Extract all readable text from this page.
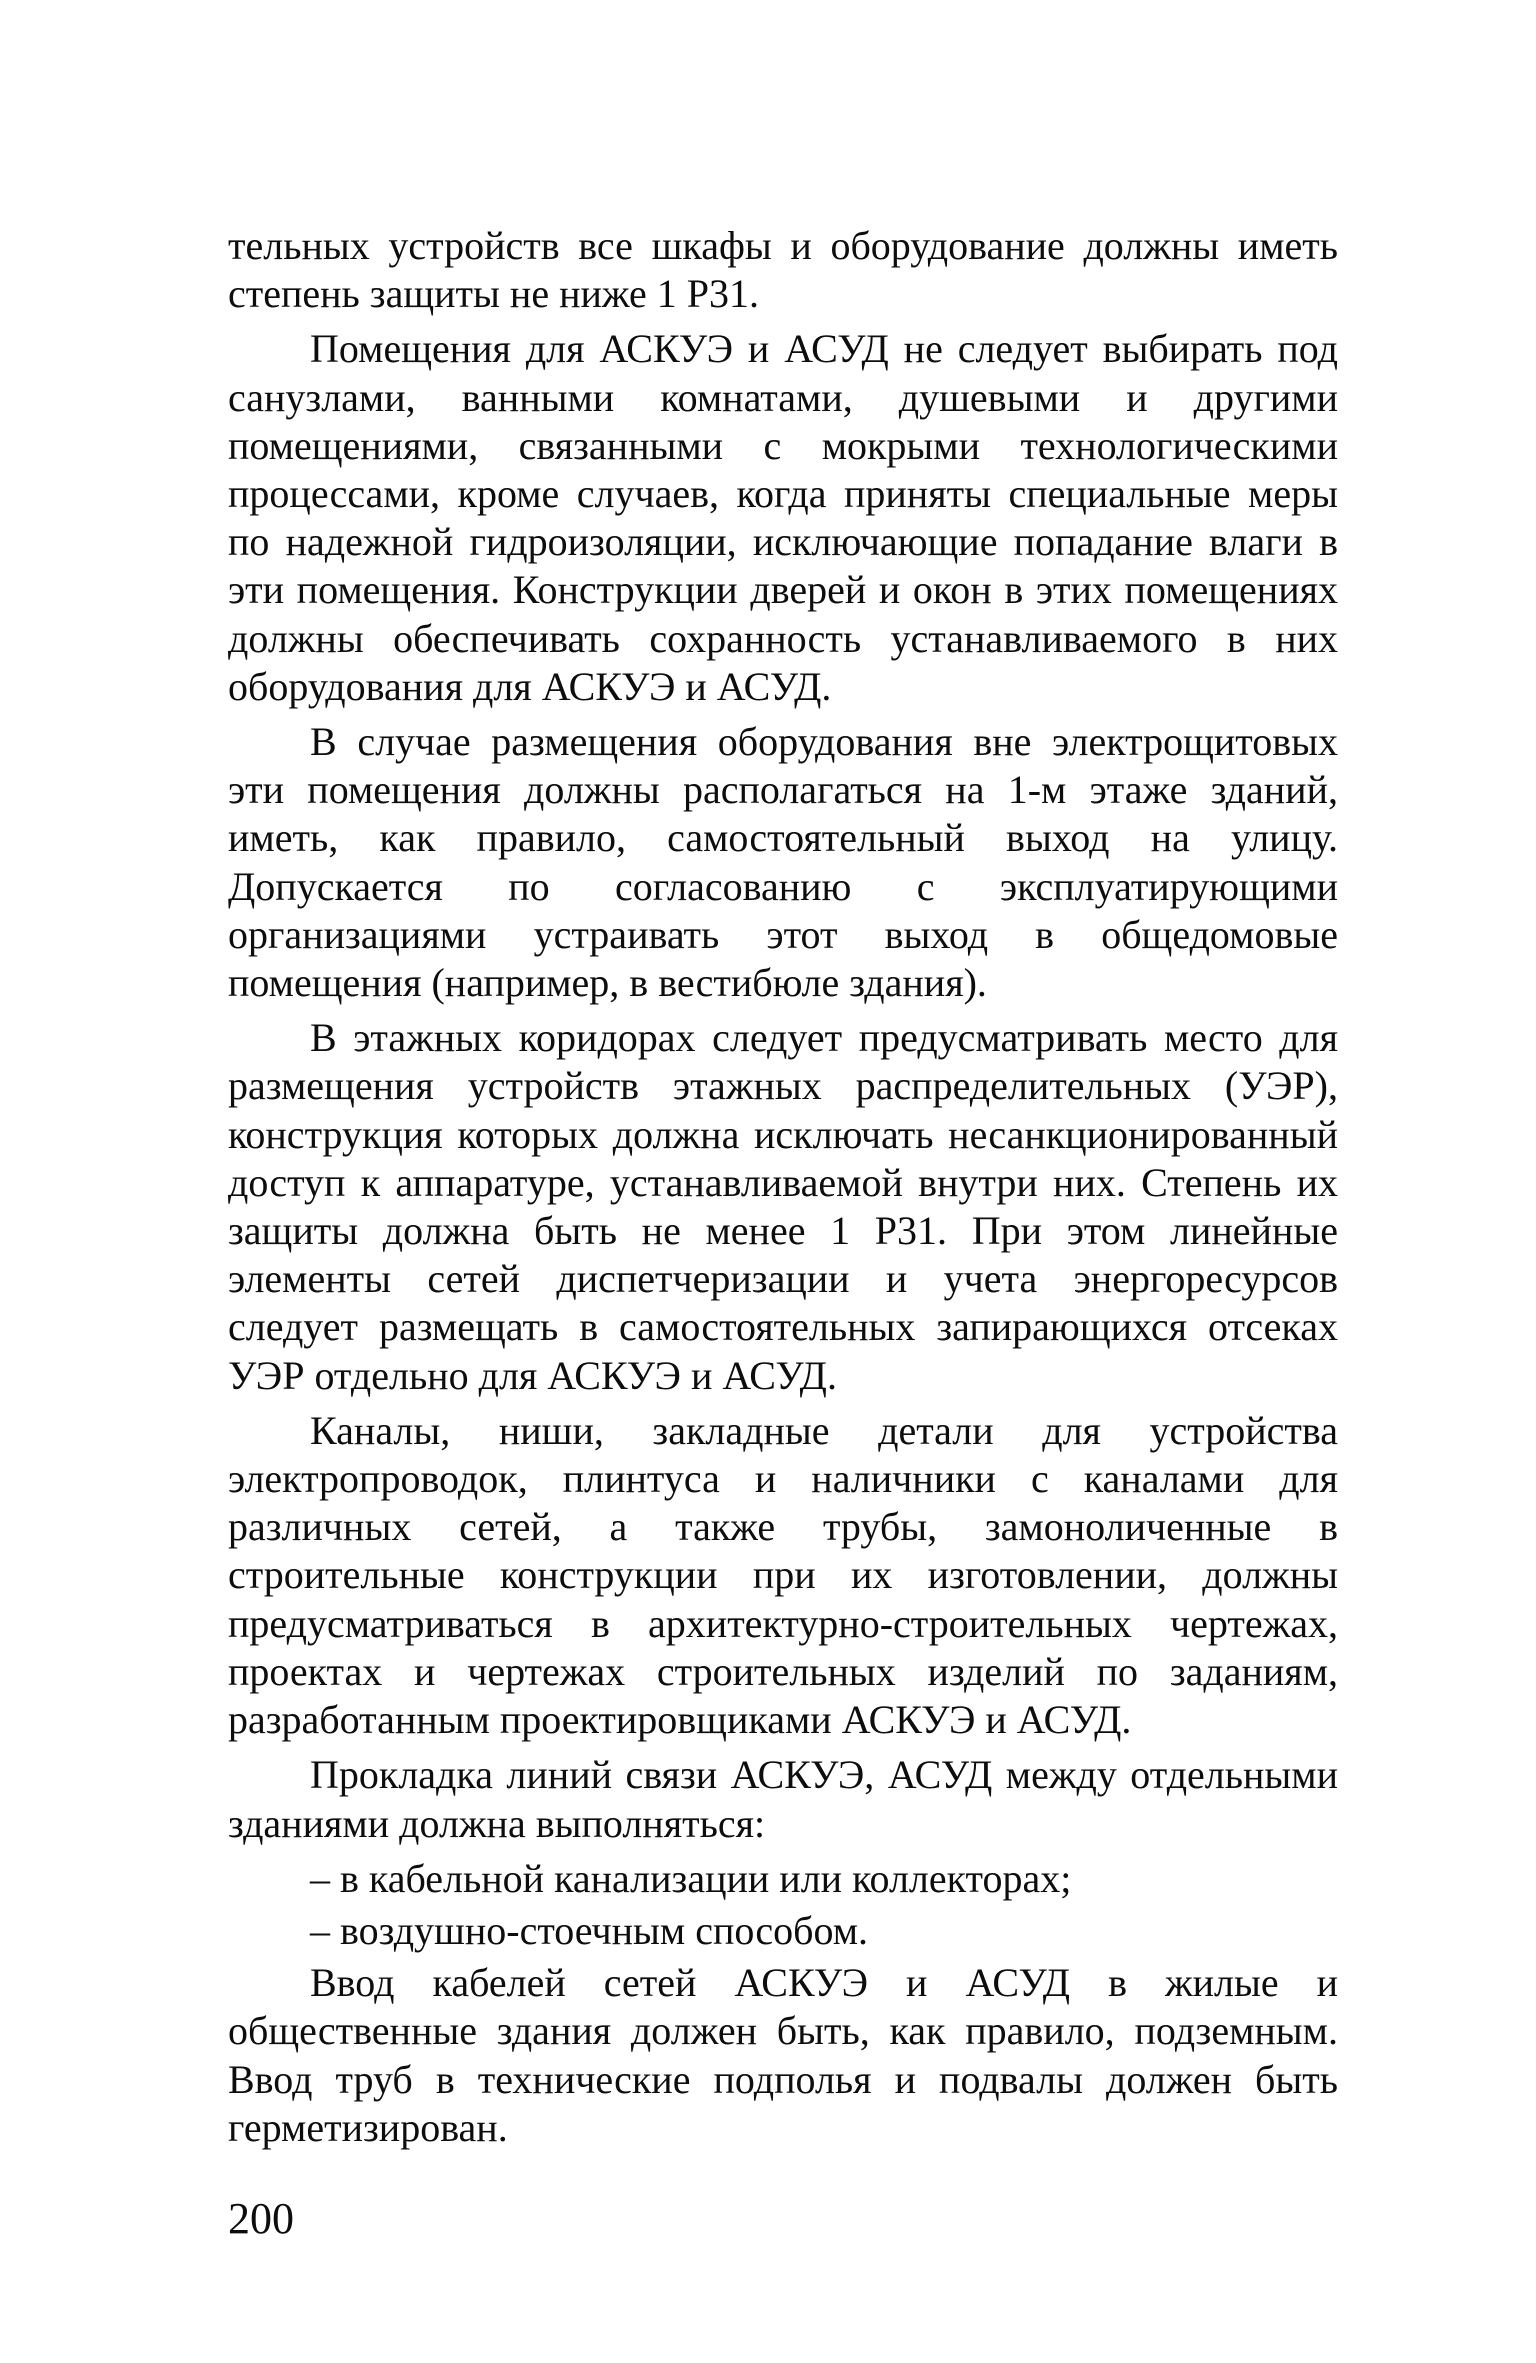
тельных устройств все шкафы и оборудование должны иметь степень защиты не ниже 1 Р31.

Помещения для АСКУЭ и АСУД не следует выбирать под санузлами, ванными комнатами, душевыми и другими помещениями, связанными с мокрыми технологическими процессами, кроме случаев, когда приняты специальные меры по надежной гидроизоляции, исключающие попадание влаги в эти помещения. Конструкции дверей и окон в этих помещениях должны обеспечивать сохранность устанавливаемого в них оборудования для АСКУЭ и АСУД.

В случае размещения оборудования вне электрощитовых эти помещения должны располагаться на 1-м этаже зданий, иметь, как правило, самостоятельный выход на улицу. Допускается по согласованию с эксплуатирующими организациями устраивать этот выход в общедомовые помещения (например, в вестибюле здания).

В этажных коридорах следует предусматривать место для размещения устройств этажных распределительных (УЭР), конструкция которых должна исключать несанкционированный доступ к аппаратуре, устанавливаемой внутри них. Степень их защиты должна быть не менее 1 Р31. При этом линейные элементы сетей диспетчеризации и учета энергоресурсов следует размещать в самостоятельных запирающихся отсеках УЭР отдельно для АСКУЭ и АСУД.

Каналы, ниши, закладные детали для устройства электропроводок, плинтуса и наличники с каналами для различных сетей, а также трубы, замоноличенные в строительные конструкции при их изготовлении, должны предусматриваться в архитектурно-строительных чертежах, проектах и чертежах строительных изделий по заданиям, разработанным проектировщиками АСКУЭ и АСУД.

Прокладка линий связи АСКУЭ, АСУД между отдельными зданиями должна выполняться:

– в кабельной канализации или коллекторах;

– воздушно-стоечным способом.

Ввод кабелей сетей АСКУЭ и АСУД в жилые и общественные здания должен быть, как правило, подземным. Ввод труб в технические подполья и подвалы должен быть герметизирован.

200
